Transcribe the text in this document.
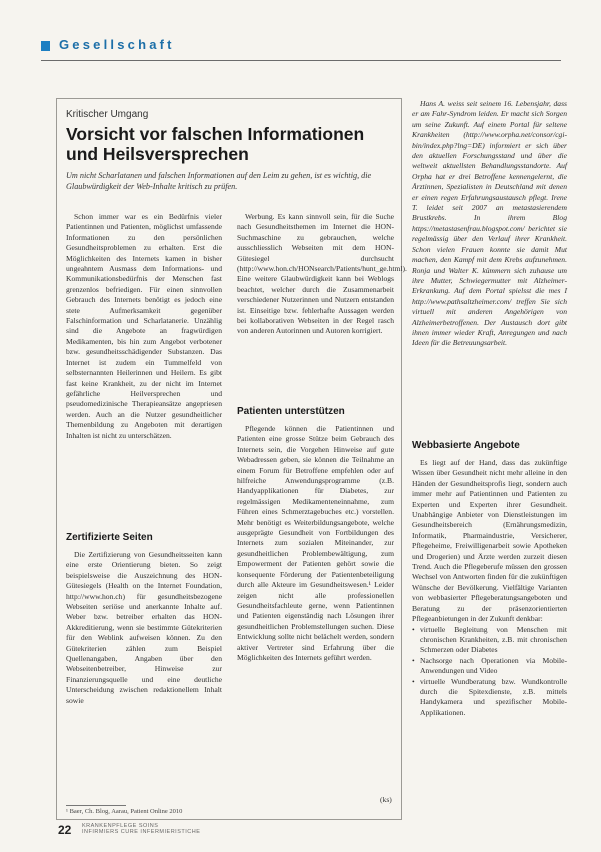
Gesellschaft
Kritischer Umgang
Vorsicht vor falschen Informationen und Heilsversprechen
Um nicht Scharlatanen und falschen Informationen auf den Leim zu gehen, ist es wichtig, die Glaubwürdigkeit der Web-Inhalte kritisch zu prüfen.

Schon immer war es ein Bedürfnis vieler Patientinnen und Patienten, möglichst umfassende Informationen zu den persönlichen Gesundheitsproblemen zu erhalten. Erst die Möglichkeiten des Internets kamen in bisher ungeahntem Ausmass dem Informations- und Kommunikationsbedürfnis der Menschen fast grenzenlos befriedigen. Für einen sinnvollen Gebrauch des Internets benötigt es jedoch eine stete Aufmerksamkeit gegenüber Falschinformation und Scharlatanerie. Unzählig sind die Angebote an fragwürdigen Medikamenten, bis hin zum Angebot verbotener bzw. gesundheitsschädigender Substanzen. Das Internet ist zudem ein Tummelfeld von selbsternannten Heilerinnen und Heilern. Es gibt fast keine Krankheit, zu der nicht im Internet gefährliche Heilversprechen und pseudomedizinische Therapieansätze angepriesen werden. Auch an die Nutzer gesundheitlicher Themenbildung zu Angeboten mit derartigen Inhalten ist nicht zu unterschätzen.

Zertifizierte Seiten

Die Zertifizierung von Gesundheitsseiten kann eine erste Orientierung bieten. So zeigt beispielsweise die Auszeichnung des HON-Gütesiegels (Health on the Internet Foundation, http://www.hon.ch) für gesundheitsbezogene Webseiten seriöse und anerkannte Inhalte auf. Weber bzw. betreiber erhalten das HON-Akkreditierung, wenn sie bestimmte Gütekriterien für den Weblink aufweisen können. Zu den Gütekriterien zählen zum Beispiel Quellenangaben, Angaben über den Webseitenbetreiber, Hinweise zur Finanzierungsquelle und eine deutliche Unterscheidung zwischen redaktionellem Inhalt sowie

Werbung. Es kann sinnvoll sein, für die Suche nach Gesundheitsthemen im Internet die HON-Suchmaschine zu gebrauchen, welche ausschliesslich Webseiten mit dem HON-Gütesiegel durchsucht (http://www.hon.ch/HONsearch/Patients/hunt_ge.html). Eine weitere Glaubwürdigkeit kann bei Weblogs beachtet, welcher durch die Zusammenarbeit verschiedener Nutzerinnen und Nutzern entstanden ist. Einseitige bzw. fehlerhafte Aussagen werden bei kollaborativen Webseiten in der Regel rasch von anderen Autorinnen und Autoren korrigiert.

Patienten unterstützen

Pflegende können die Patientinnen und Patienten eine grosse Stütze beim Gebrauch des Internets sein, die Vorgehen Hinweise auf gute Webadressen geben, sie können die Teilnahme an einem Forum für Betroffene empfehlen oder auf hilfreiche Anwendungsprogramme (z.B. Handyapplikationen für Diabetes, zur regelmässigen Medikamenteneinnahme, zum Führen eines Schmerztagebuches etc.) vorstellen. Mehr benötigt es Weiterbildungsangebote, welche ausgeprägte Gesundheit von Fortbildungen des Internets zum sozialen Miteinander, zur gesundheitlichen Problembewältigung, zum Empowerment der Patienten gehört sowie die konsequente Förderung der Patientenbeteiligung durch alle Akteure im Gesundheitswesen.¹ Leider zeigen nicht alle professionellen Gesundheitsfachleute gerne, wenn Patientinnen und Patienten eigenständig nach Lösungen ihrer gesundheitlichen Problemstellungen suchen. Diese Entwicklung sollte nicht belächelt werden, sondern aktiver Vertreter sind Erfahrung über die Möglichkeiten des Internets geführt werden.

(ks)

Hans A. weiss seit seinem 16. Lebensjahr, dass er am Fahr-Syndrom leiden. Er macht sich Sorgen um seine Zukunft. Auf einem Portal für seltene Krankheiten (http://www.orpha.net/consor/cgi-bin/index.php?lng=DE) informiert er sich über den aktuellen Forschungsstand und über die weltweit aktuellsten Behandlungsstandorte. Auf Orpha hat er drei Betroffene kennengelernt, die Ärztinnen, Spezialisten in Deutschland mit denen er einen regen Erfahrungsaustausch pflegt. Irene T. leidet seit 2007 an metastasierendem Brustkrebs. In ihrem Blog https://metastasenfrau.blogspot.com/ berichtet sie regelmässig über den Verlauf ihrer Krankheit. Schon vielen Frauen konnte sie damit Mut machen, den Kampf mit dem Krebs aufzunehmen. Ronja und Walter K. kümmern sich zuhause um ihre Mutter, Schwiegermutter mit Alzheimer-Erkrankung. Auf dem Portal spielsst die mes I http://www.pathsaltzheimer.com/ treffen Sie sich virtuell mit anderen Angehörigen von Alzheimerbetroffenen. Der Austausch dort gibt ihnen immer wieder Kraft, Anregungen und nach Ideen für die Betreuungsarbeit.

Webbasierte Angebote

Es liegt auf der Hand, dass das zukünftige Wissen über Gesundheit nicht mehr alleine in den Händen der Gesundheitsprofis liegt, sondern auch immer mehr auf Patientinnen und Patienten zu Experten und Experten ihrer Gesundheit. Unabhängige Anbieter von Dienstleistungen im Gesundheitsbereich (Ernährungsmedizin, Informatik, Pharmaindustrie, Versicherer, Pflegeheime, Freiwilligenarbeit sowie Apotheken und Drogerien) und Ärzte werden zurzeit diesen Trend. Auch die Pflegeberufe müssen den grossen Wechsel von Antworten finden für die zukünftigen Wünsche der Bevölkerung. Vielfältige Varianten von webbasierter Pflegeberatungsangeboten und Beratung zu der präsenzorientierten Pflegeanbietungen in der Zukunft denkbar:

• virtuelle Begleitung von Menschen mit chronischen Krankheiten, z.B. mit chronischen Schmerzen oder Diabetes
• Nachsorge nach Operationen via Mobile-Anwendungen und Video
• virtuelle Wundberatung bzw. Wundkontrolle durch die Spitexdienste, z.B. mittels Handykamera und spezifischer Mobile-Applikationen.
¹ Baer, Ch. Blog, Aarau, Patient Online 2010
22 KRANKENPFLEGE SOINS
INFIRMIERS CURE INFERMIERISTICHE
